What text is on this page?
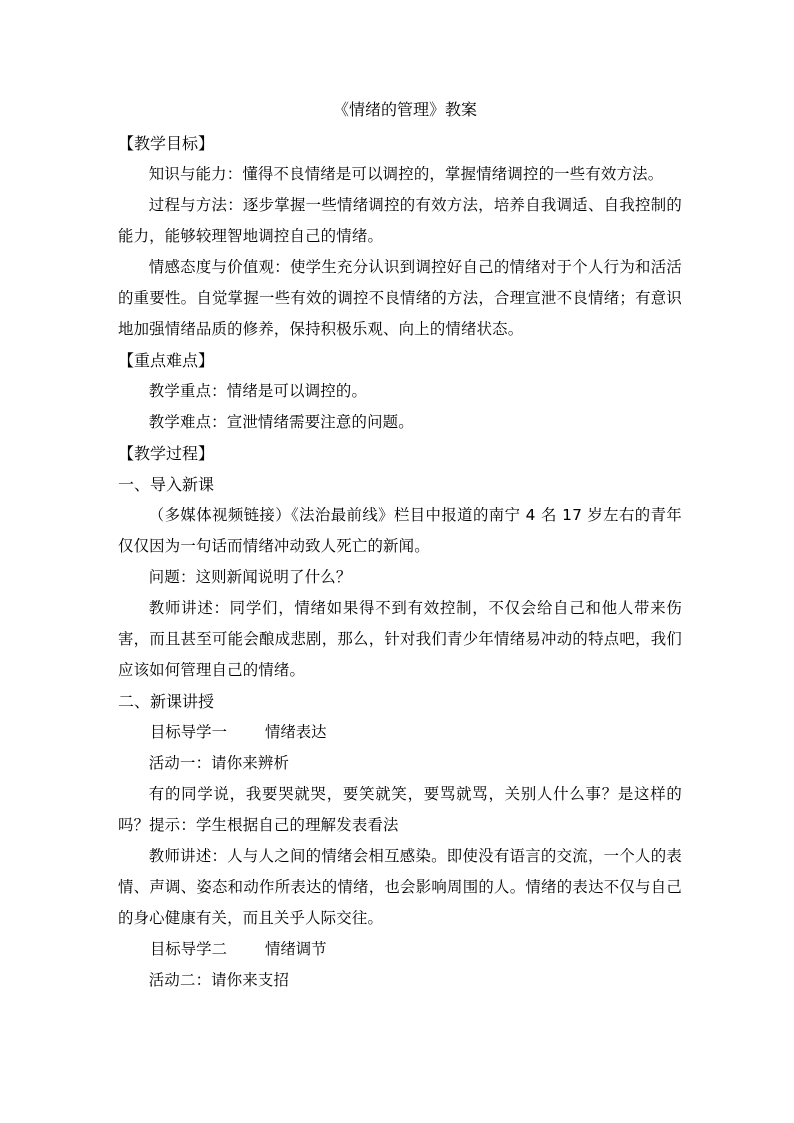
《情绪的管理》教案
【教学目标】

知识与能力：懂得不良情绪是可以调控的，掌握情绪调控的一些有效方法。

过程与方法：逐步掌握一些情绪调控的有效方法，培养自我调适、自我控制的能力，能够较理智地调控自己的情绪。

情感态度与价值观：使学生充分认识到调控好自己的情绪对于个人行为和活活的重要性。自觉掌握一些有效的调控不良情绪的方法，合理宣泄不良情绪；有意识地加强情绪品质的修养，保持积极乐观、向上的情绪状态。

【重点难点】

教学重点：情绪是可以调控的。

教学难点：宣泄情绪需要注意的问题。

【教学过程】
一、导入新课

（多媒体视频链接）《法治最前线》栏目中报道的南宁 4 名 17 岁左右的青年仅仅因为一句话而情绪冲动致人死亡的新闻。

问题：这则新闻说明了什么？

教师讲述：同学们，情绪如果得不到有效控制，不仅会给自己和他人带来伤害，而且甚至可能会酿成悲剧，那么，针对我们青少年情绪易冲动的特点吧，我们应该如何管理自己的情绪。

二、新课讲授
目标导学一 情绪表达

活动一：请你来辨析

有的同学说，我要哭就哭，要笑就笑，要骂就骂，关别人什么事？是这样的吗？提示：学生根据自己的理解发表看法

教师讲述：人与人之间的情绪会相互感染。即使没有语言的交流，一个人的表情、声调、姿态和动作所表达的情绪，也会影响周围的人。情绪的表达不仅与自己的身心健康有关，而且关乎人际交往。

目标导学二 情绪调节

活动二：请你来支招
